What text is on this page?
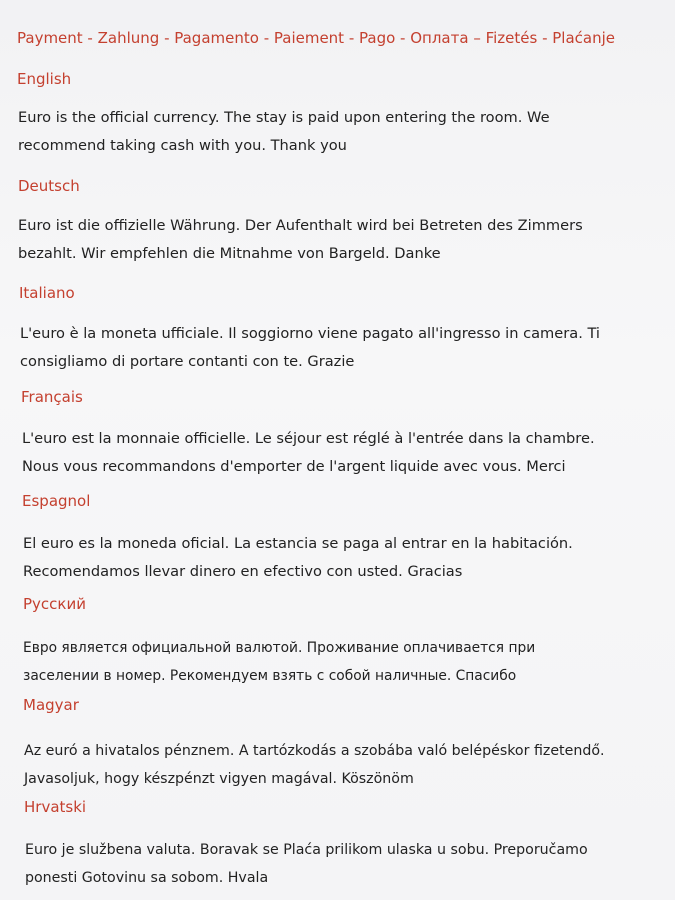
Payment - Zahlung - Pagamento - Paiement - Pago - Оплата – Fizetés - Plaćanje
English
Euro is the official currency. The stay is paid upon entering the room. We
recommend taking cash with you. Thank you
Deutsch
Euro ist die offizielle Währung. Der Aufenthalt wird bei Betreten des Zimmers
bezahlt. Wir empfehlen die Mitnahme von Bargeld. Danke
Italiano
L'euro è la moneta ufficiale. Il soggiorno viene pagato all'ingresso in camera. Ti
consigliamo di portare contanti con te. Grazie
Français
L'euro est la monnaie officielle. Le séjour est réglé à l'entrée dans la chambre.
Nous vous recommandons d'emporter de l'argent liquide avec vous. Merci
Espagnol
El euro es la moneda oficial. La estancia se paga al entrar en la habitación.
Recomendamos llevar dinero en efectivo con usted. Gracias
Русский
Евро является официальной валютой. Проживание оплачивается при
заселении в номер. Рекомендуем взять с собой наличные. Спасибо
Magyar
Az euró a hivatalos pénznem. A tartózkodás a szobába való belépéskor fizetendő.
Javasoljuk, hogy készpénzt vigyen magával. Köszönöm
Hrvatski
Euro je službena valuta. Boravak se Plaća prilikom ulaska u sobu. Preporučamo
ponesti Gotovinu sa sobom. Hvala
